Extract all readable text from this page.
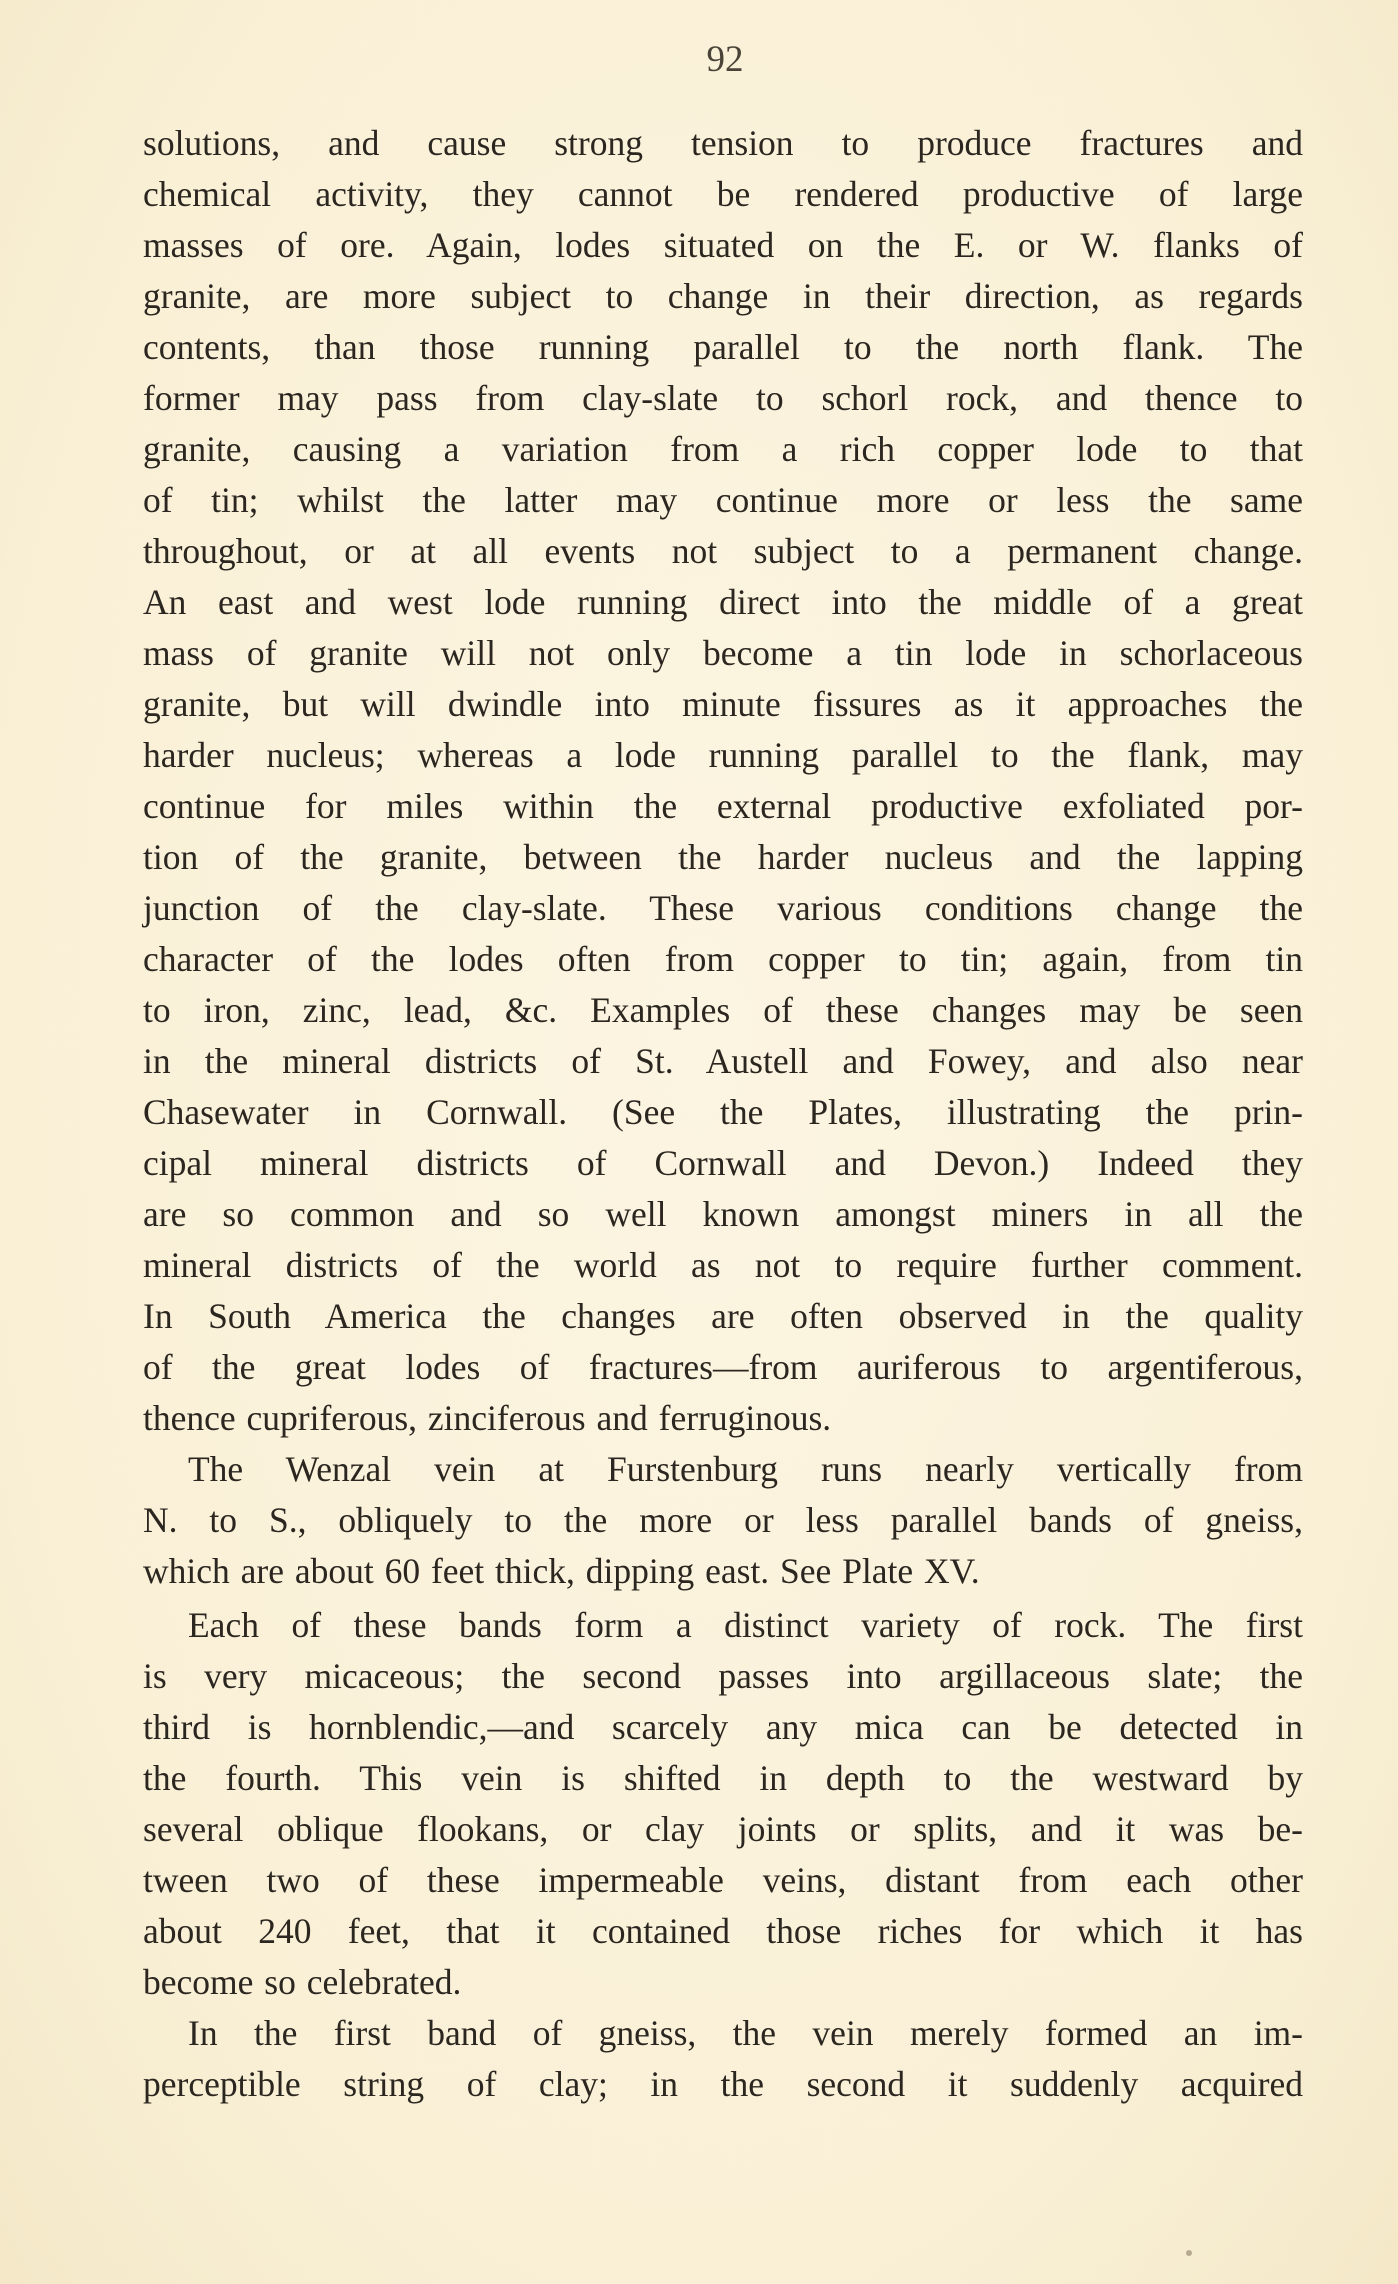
92
solutions, and cause strong tension to produce fractures and
chemical activity, they cannot be rendered productive of large
masses of ore. Again, lodes situated on the E. or W. flanks of
granite, are more subject to change in their direction, as regards
contents, than those running parallel to the north flank. The
former may pass from clay-slate to schorl rock, and thence to
granite, causing a variation from a rich copper lode to that
of tin; whilst the latter may continue more or less the same
throughout, or at all events not subject to a permanent change.
An east and west lode running direct into the middle of a great
mass of granite will not only become a tin lode in schorlaceous
granite, but will dwindle into minute fissures as it approaches the
harder nucleus; whereas a lode running parallel to the flank, may
continue for miles within the external productive exfoliated por-
tion of the granite, between the harder nucleus and the lapping
junction of the clay-slate. These various conditions change the
character of the lodes often from copper to tin; again, from tin
to iron, zinc, lead, &c. Examples of these changes may be seen
in the mineral districts of St. Austell and Fowey, and also near
Chasewater in Cornwall. (See the Plates, illustrating the prin-
cipal mineral districts of Cornwall and Devon.) Indeed they
are so common and so well known amongst miners in all the
mineral districts of the world as not to require further comment.
In South America the changes are often observed in the quality
of the great lodes of fractures—from auriferous to argentiferous,
thence cupriferous, zinciferous and ferruginous.
The Wenzal vein at Furstenburg runs nearly vertically from
N. to S., obliquely to the more or less parallel bands of gneiss,
which are about 60 feet thick, dipping east. See Plate XV.
Each of these bands form a distinct variety of rock. The first
is very micaceous; the second passes into argillaceous slate; the
third is hornblendic,—and scarcely any mica can be detected in
the fourth. This vein is shifted in depth to the westward by
several oblique flookans, or clay joints or splits, and it was be-
tween two of these impermeable veins, distant from each other
about 240 feet, that it contained those riches for which it has
become so celebrated.
In the first band of gneiss, the vein merely formed an im-
perceptible string of clay; in the second it suddenly acquired
